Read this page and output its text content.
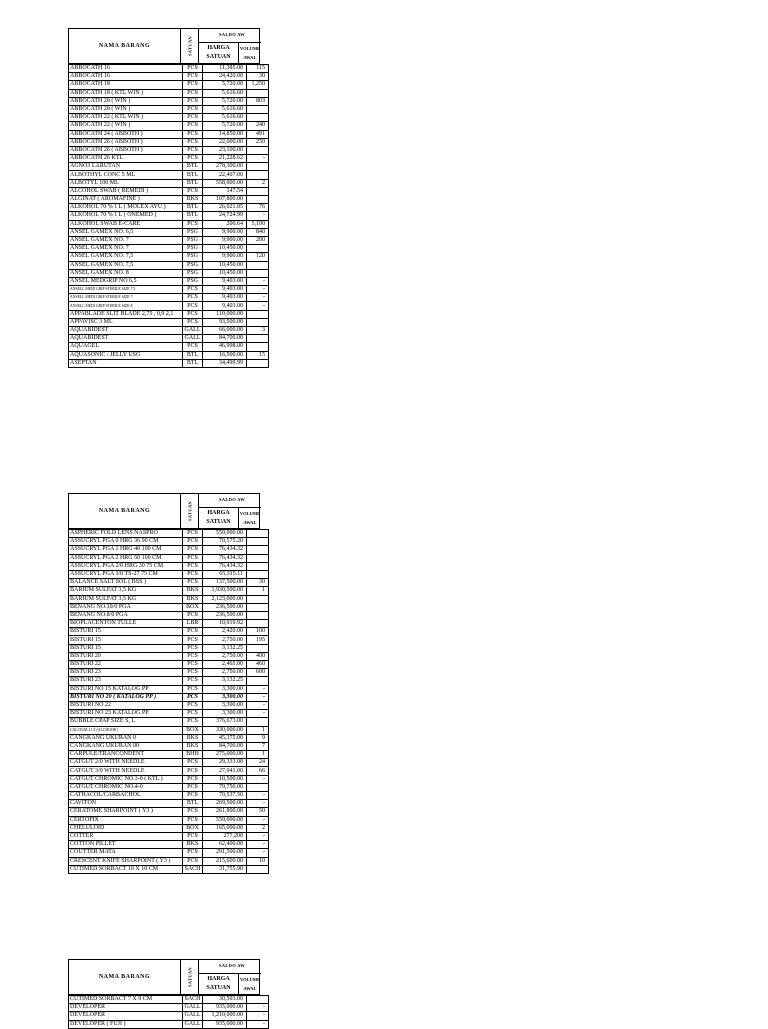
NAMA BARANG	SATUAN
SALDO AW
HARGA
SATUAN
VOLUME
AWAL
ABBOCATH 16	PCS	11,385.00	115
ABBOCATH 16	PCS	24,420.00	30
ABBOCATH 18	PCS	5,720.00	1,250
ABBOCATH 18 ( KTL WIN )	PCS	5,616.60	
ABBOCATH 20 ( WIN )	PCS	5,720.00	803
ABBOCATH 20 ( WIN )	PCS	5,616.60	
ABBOCATH 22 ( KTL WIN )	PCS	5,616.60	
ABBOCATH 22 ( WIN )	PCS	5,720.00	240
ABBOCATH 24 ( ABBOTH )	PCS	14,850.00	491
ABBOCATH 26 ( ABBOTH )	PCS	22,000.00	250
ABBOCATH 26 ( ABBOTH )	PCS	23,100.00	
ABBOCATH 26 KTL	PCS	21,228.62	-
AGNO3 LARUTAN	BTL	278,300.00	
ALBOTHYL CONC 5 ML	BTL	22,407.00	
ALBOTYL 100 ML	BTL	558,900.00	2
ALCOHOL SWAB ( REMEDI )	PCS	147.54	
ALGINAT ( AROMAFINE )	BKS	107,800.00	
ALKOHOL 70 % 1 L ( MOLEX AYU )	BTL	26,021.05	76
ALKOHOL 70 % 1 L ( ONEMED )	BTL	24,724.99	-
ALKOHOL SWAB E-CARE	PCS	206.64	5,100
ANSEL GAMEX NO. 6,5	PSG	9,900.00	840
ANSEL GAMEX NO. 7	PSG	9,900.00	200
ANSEL GAMEX NO. 7	PSG	10,450.00	
ANSEL GAMEX NO. 7,5	PSG	9,900.00	120
ANSEL GAMEX NO. 7,5	PSG	10,450.00	
ANSEL GAMEX NO. 8	PSG	10,450.00	
ANSEL MEDGRIP NO 6,5	PSG	9,403.00	-
ANSELL MEDI GRIP STERILE SIZE 7.5	PCS	9,403.00	-
ANSELL MEDI GRIP STERILE SIZE 7	PCS	9,403.00	-
ANSELL MEDI GRIP STERILE SIZE 8	PCS	9,403.00	-
APPABLADE SLIT BLADE 2,75 , 0,9 2,1	PCS	110,000.00	
APPAVISC 3 ML	PCS	93,500.00	
AQUABIDEST	GALL	66,000.00	3
AQUABIDEST	GALL	84,700.00	
AQUAGEL	PCS	46,998.00	
AQUASONIC / JELLY USG	BTL	16,500.00	15
ASEPTAN	BTL	34,499.99	
NAMA BARANG	SATUAN
SALDO AW
HARGA
SATUAN
VOLUME
AWAL
ASPHERIC FOLD LENS NASPRO	PCS	550,000.00	
ASSUCRYL PGA 0 HRG 36 90 CM	PCS	70,575.20	
ASSUCRYL PGA 1 HRG 40 100 CM	PCS	76,434.32	
ASSUCRYL PGA 2 HRG 50 100 CM	PCS	76,434.32	
ASSUCRYL PGA 2/0 HRG 30 75 CM	PCS	76,434.32	
ASSUCRYL PGA 3/0 TS-27 75 CM	PCS	65,315.11	
BALANCE SALT SOL ( BSS )	PCS	137,500.00	30
BARIUM SULFAT 3,5 KG	BKS	1,930,500.00	1
BARIUM SULFAT 3,5 KG	BKS	2,123,000.00	
BENANG NO.10/0 PGA	BOX	236,500.00	
BENANG NO.8/0 PGA	PCS	236,500.00	
BIOPLACENTON TULLE	LBR	10,919.92	
BISTURI 15	PCS	2,420.00	100
BISTURI 15	PCS	2,750.00	195
BISTURI 15	PCS	3,132.25	
BISTURI 20	PCS	2,750.00	400
BISTURI 22	PCS	2,465.00	460
BISTURI 23	PCS	2,750.00	600
BISTURI 23	PCS	3,132.25	
BISTURI NO 15 KATALOG PP	PCS	3,300.00	-
BISTURI NO 20 ( KATALOG PP )	PCS	3,300.00	-
BISTURI NO 22	PCS	3,300.00	-
BISTURI NO 23 KATALOG PP	PCS	3,300.00	-
BUBBLE CPAP SIZE S, L	PCS	376,673.00	
CALCIUM 1 LT (ALCHOOR )	BOX	330,000.00	1
CANGKANG UKURAN 0	BKS	45,375.00	9
CANGKANG UKURAN 00	BKS	84,700.00	7
CARPULE/TRANCONDENT	BHH	275,000.00	1
CATGUT 2/0 WITH NEEDLE	PCS	29,333.00	24
CATGUT 3/0 WITH NEEDLE	PCS	27,041.00	66
CATGUT CHROMIC NO.3-0 ( KTL )	PCS	10,500.00	-
CATGUT CHROMIC NO.4-0	PCS	79,750.00	
CATHACOL/CARBACHOL	PCS	70,537.50	-
CAVITON	BTL	269,500.00	-
CERATOME SHARPOINT ( Y3 )	PCS	261,800.00	50
CERTOFIX	PCS	550,000.00	-
CHELULOID	BOX	165,000.00	2
COTTER	PCS	277,200	-
COTTON PILLET	BKS	62,400.00	-
COUTTER MATA	PCS	291,500.00	-
CRESCENT KNIFE SHARPOINT ( Y3 )	PCS	215,600.00	10
CUTIMED SORBACT 10 X 10 CM	SACH	31,755.90	
NAMA BARANG	SATUAN
SALDO AW
HARGA
SATUAN
VOLUME
AWAL
CUTIMED SORBACT 7 X 9 CM	SACH	30,503.00	
DEVELOPER	GALL	935,000.00	-
DEVELOPER	GALL	1,210,000.00	-
DEVELOPER ( FUJI )	GALL	935,000.00	-
